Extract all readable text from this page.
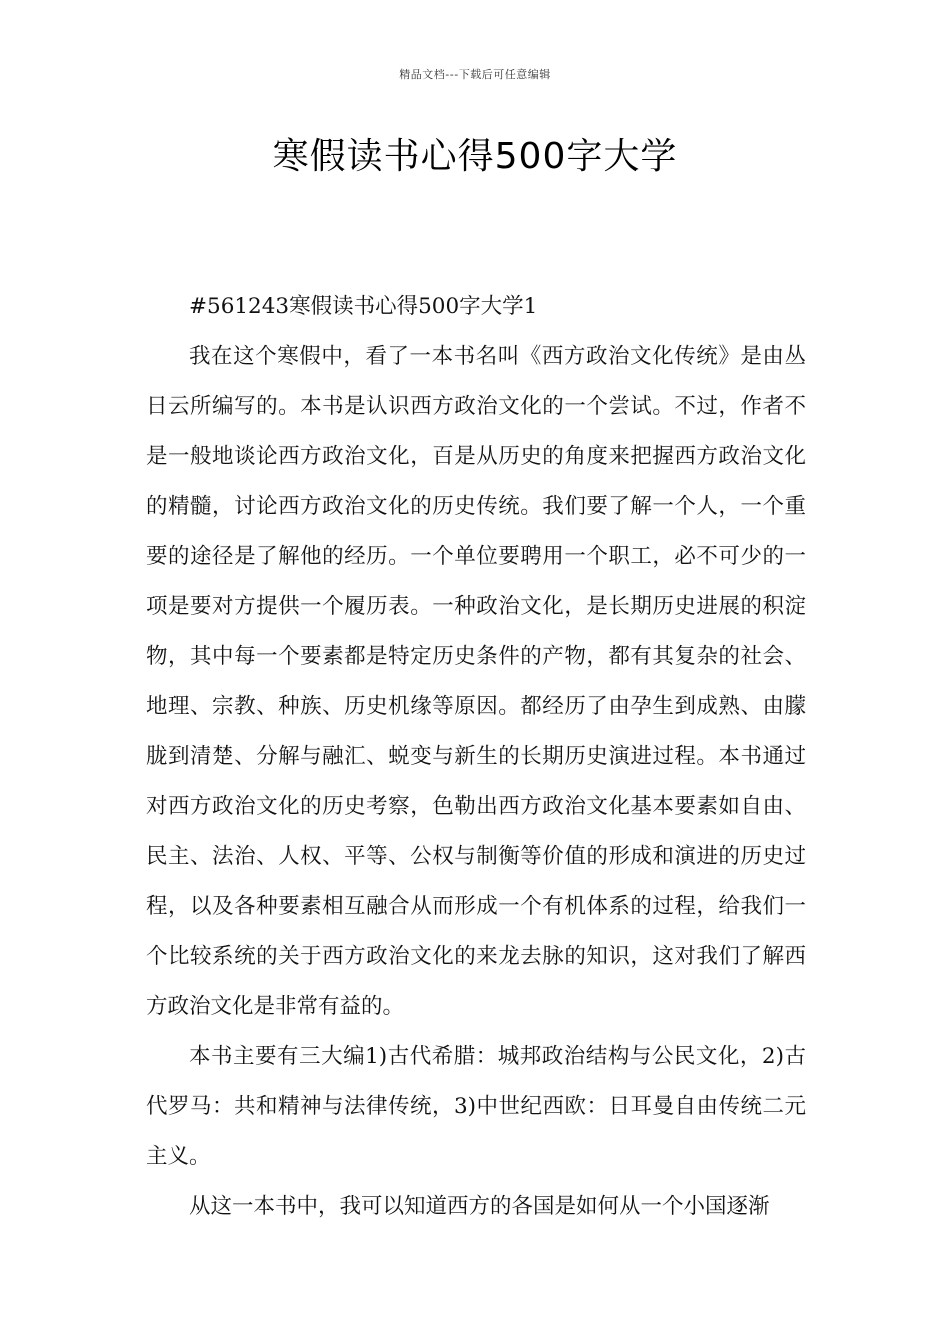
精品文档---下载后可任意编辑
寒假读书心得500字大学

#561243寒假读书心得500字大学1

我在这个寒假中，看了一本书名叫《西方政治文化传统》是由丛日云所编写的。本书是认识西方政治文化的一个尝试。不过，作者不是一般地谈论西方政治文化，百是从历史的角度来把握西方政治文化的精髓，讨论西方政治文化的历史传统。我们要了解一个人，一个重要的途径是了解他的经历。一个单位要聘用一个职工，必不可少的一项是要对方提供一个履历表。一种政治文化，是长期历史进展的积淀物，其中每一个要素都是特定历史条件的产物，都有其复杂的社会、地理、宗教、种族、历史机缘等原因。都经历了由孕生到成熟、由朦胧到清楚、分解与融汇、蜕变与新生的长期历史演进过程。本书通过对西方政治文化的历史考察，色勒出西方政治文化基本要素如自由、民主、法治、人权、平等、公权与制衡等价值的形成和演进的历史过程，以及各种要素相互融合从而形成一个有机体系的过程，给我们一个比较系统的关于西方政治文化的来龙去脉的知识，这对我们了解西方政治文化是非常有益的。

本书主要有三大编1)古代希腊：城邦政治结构与公民文化，2)古代罗马：共和精神与法律传统，3)中世纪西欧：日耳曼自由传统二元主义。

从这一本书中，我可以知道西方的各国是如何从一个小国逐渐
